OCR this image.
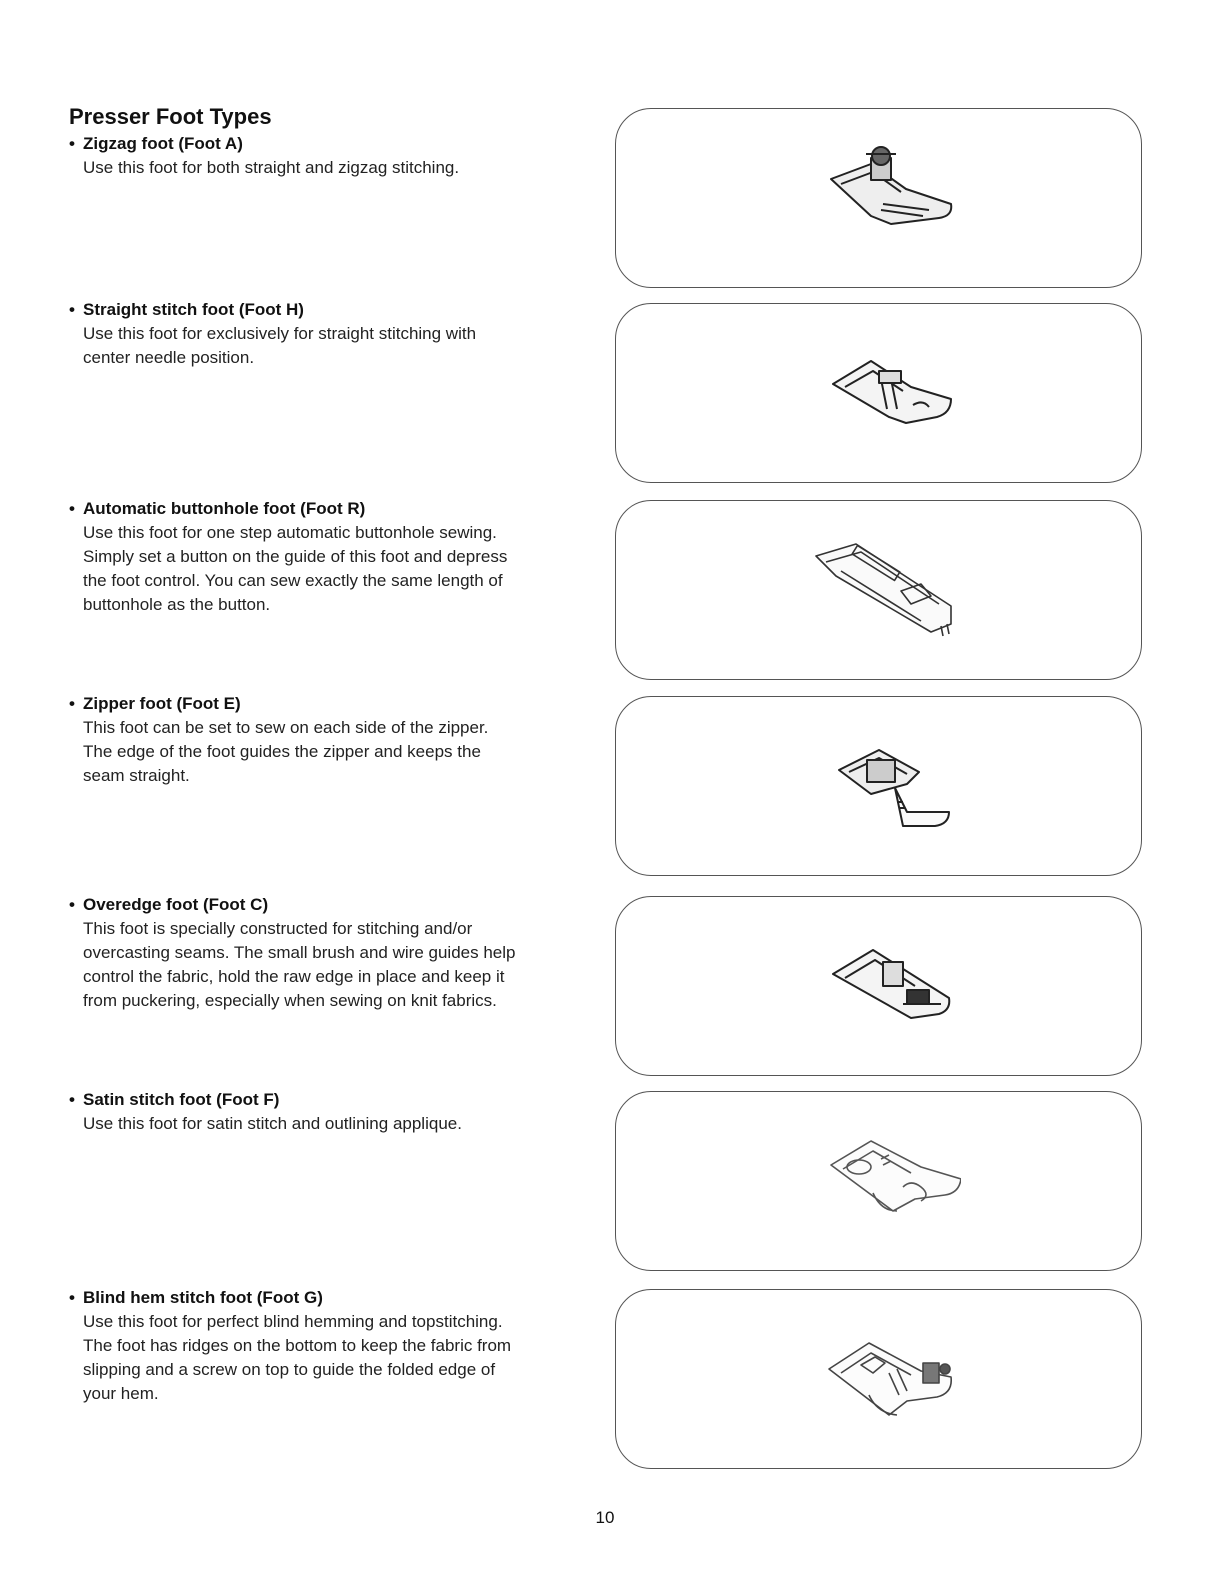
Presser Foot Types
• Zigzag foot (Foot A)

Use this foot for both straight and zigzag stitching.

• Straight stitch foot (Foot H)

Use this foot for exclusively for straight stitching with

center needle position.

• Automatic buttonhole foot (Foot R)

Use this foot for one step automatic buttonhole sewing.

Simply set a button on the guide of this foot and depress

the foot control. You can sew exactly the same length of

buttonhole as the button.

• Zipper foot (Foot E)

This foot can be set to sew on each side of the zipper.

The edge of the foot guides the zipper and keeps the

seam straight.

• Overedge foot (Foot C)

This foot is specially constructed for stitching and/or

overcasting seams. The small brush and wire guides help

control the fabric, hold the raw edge in place and keep it

from puckering, especially when sewing on knit fabrics.

• Satin stitch foot (Foot F)

Use this foot for satin stitch and outlining applique.

• Blind hem stitch foot (Foot G)

Use this foot for perfect blind hemming and topstitching.

The foot has ridges on the bottom to keep the fabric from

slipping and a screw on top to guide the folded edge of

your hem.

10
